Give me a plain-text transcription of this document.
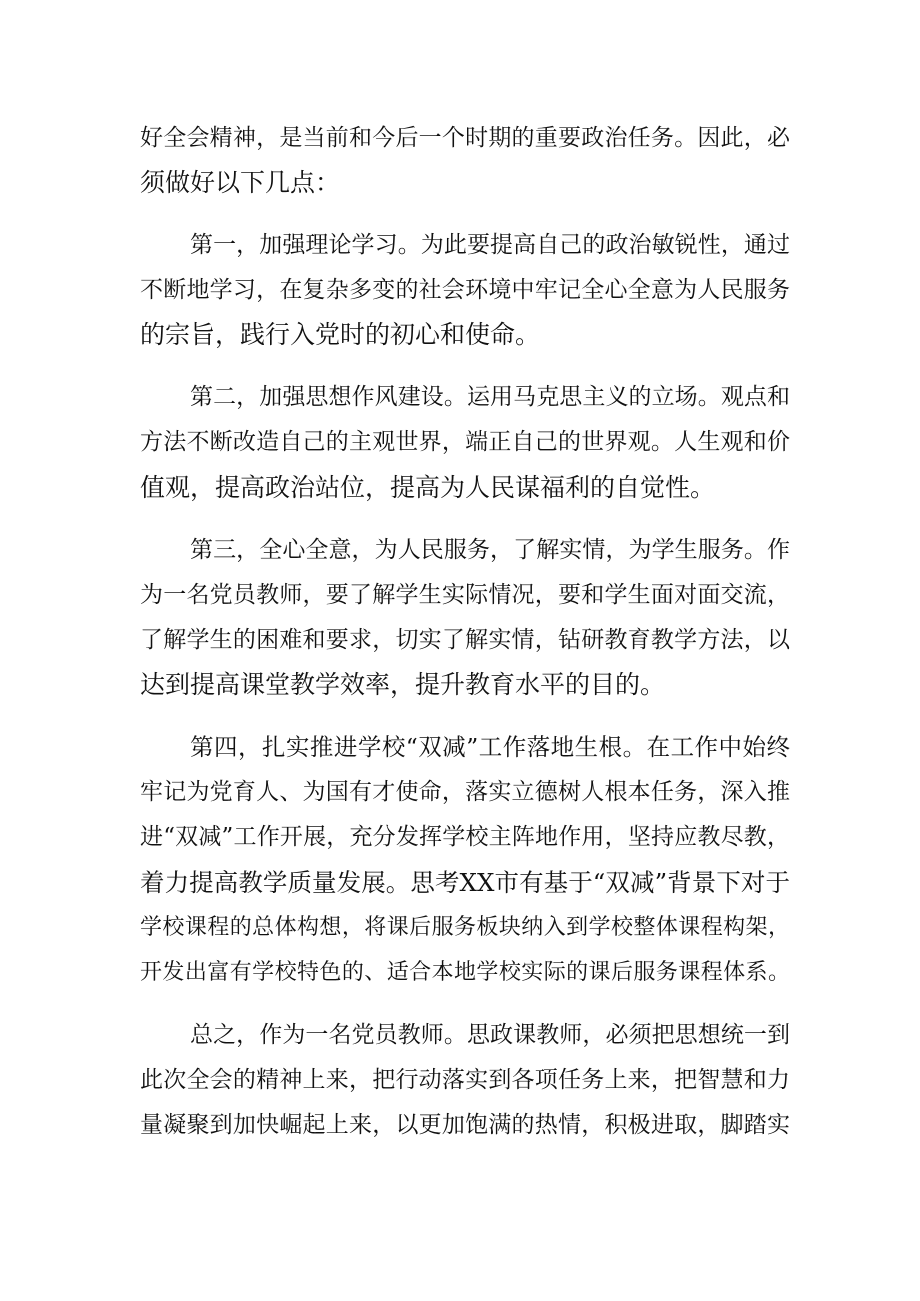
好全会精神，是当前和今后一个时期的重要政治任务。因此，必

须做好以下几点：

第一，加强理论学习。为此要提高自己的政治敏锐性，通过

不断地学习，在复杂多变的社会环境中牢记全心全意为人民服务

的宗旨，践行入党时的初心和使命。

第二，加强思想作风建设。运用马克思主义的立场。观点和

方法不断改造自己的主观世界，端正自己的世界观。人生观和价

值观，提高政治站位，提高为人民谋福利的自觉性。

第三，全心全意，为人民服务，了解实情，为学生服务。作

为一名党员教师，要了解学生实际情况，要和学生面对面交流，

了解学生的困难和要求，切实了解实情，钻研教育教学方法，以

达到提高课堂教学效率，提升教育水平的目的。

第四，扎实推进学校“双减”工作落地生根。在工作中始终

牢记为党育人、为国有才使命，落实立德树人根本任务，深入推

进“双减”工作开展，充分发挥学校主阵地作用，坚持应教尽教，

着力提高教学质量发展。思考XX市有基于“双减”背景下对于

学校课程的总体构想，将课后服务板块纳入到学校整体课程构架，

开发出富有学校特色的、适合本地学校实际的课后服务课程体系。

总之，作为一名党员教师。思政课教师，必须把思想统一到

此次全会的精神上来，把行动落实到各项任务上来，把智慧和力

量凝聚到加快崛起上来，以更加饱满的热情，积极进取，脚踏实
